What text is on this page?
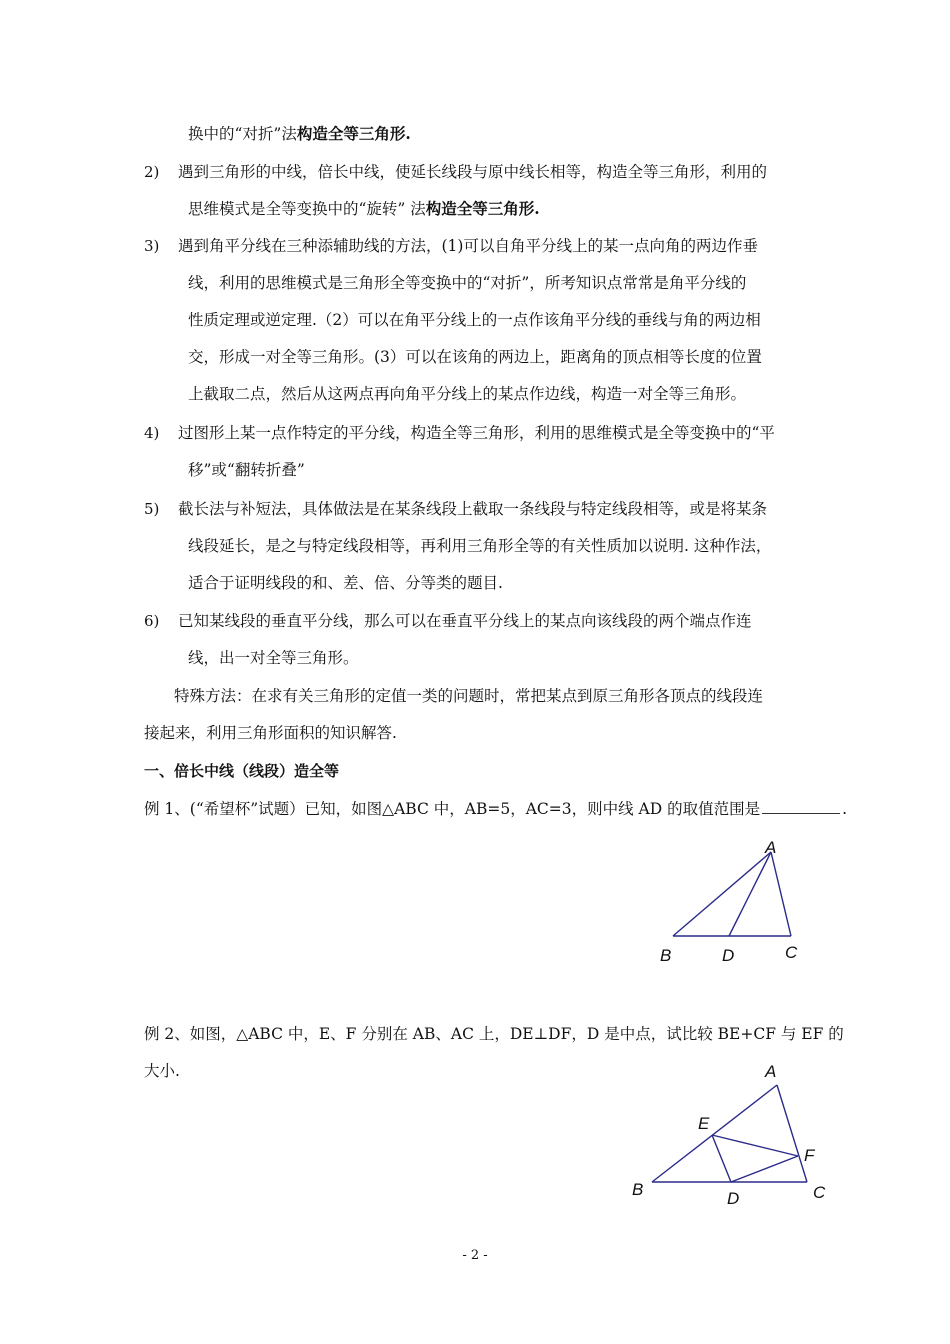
换中的“对折”法构造全等三角形.
2) 遇到三角形的中线，倍长中线，使延长线段与原中线长相等，构造全等三角形，利用的
思维模式是全等变换中的“旋转” 法构造全等三角形.
3) 遇到角平分线在三种添辅助线的方法，(1)可以自角平分线上的某一点向角的两边作垂
线，利用的思维模式是三角形全等变换中的“对折”，所考知识点常常是角平分线的
性质定理或逆定理.（2）可以在角平分线上的一点作该角平分线的垂线与角的两边相
交，形成一对全等三角形。(3）可以在该角的两边上，距离角的顶点相等长度的位置
上截取二点，然后从这两点再向角平分线上的某点作边线，构造一对全等三角形。
4) 过图形上某一点作特定的平分线，构造全等三角形，利用的思维模式是全等变换中的“平
移”或“翻转折叠”
5) 截长法与补短法，具体做法是在某条线段上截取一条线段与特定线段相等，或是将某条
线段延长，是之与特定线段相等，再利用三角形全等的有关性质加以说明. 这种作法，
适合于证明线段的和、差、倍、分等类的题目.
6) 已知某线段的垂直平分线，那么可以在垂直平分线上的某点向该线段的两个端点作连
线，出一对全等三角形。
特殊方法：在求有关三角形的定值一类的问题时，常把某点到原三角形各顶点的线段连
接起来，利用三角形面积的知识解答.
一、倍长中线（线段）造全等
例 1、(“希望杯”试题）已知，如图△ABC 中，AB=5，AC=3，则中线 AD 的取值范围是	.
A
B	D	C
例 2、如图，△ABC 中，E、F 分别在 AB、AC 上，DE⊥DF，D 是中点，试比较 BE+CF 与 EF 的
大小.	A
E
F
B	D	C
- 2 -
